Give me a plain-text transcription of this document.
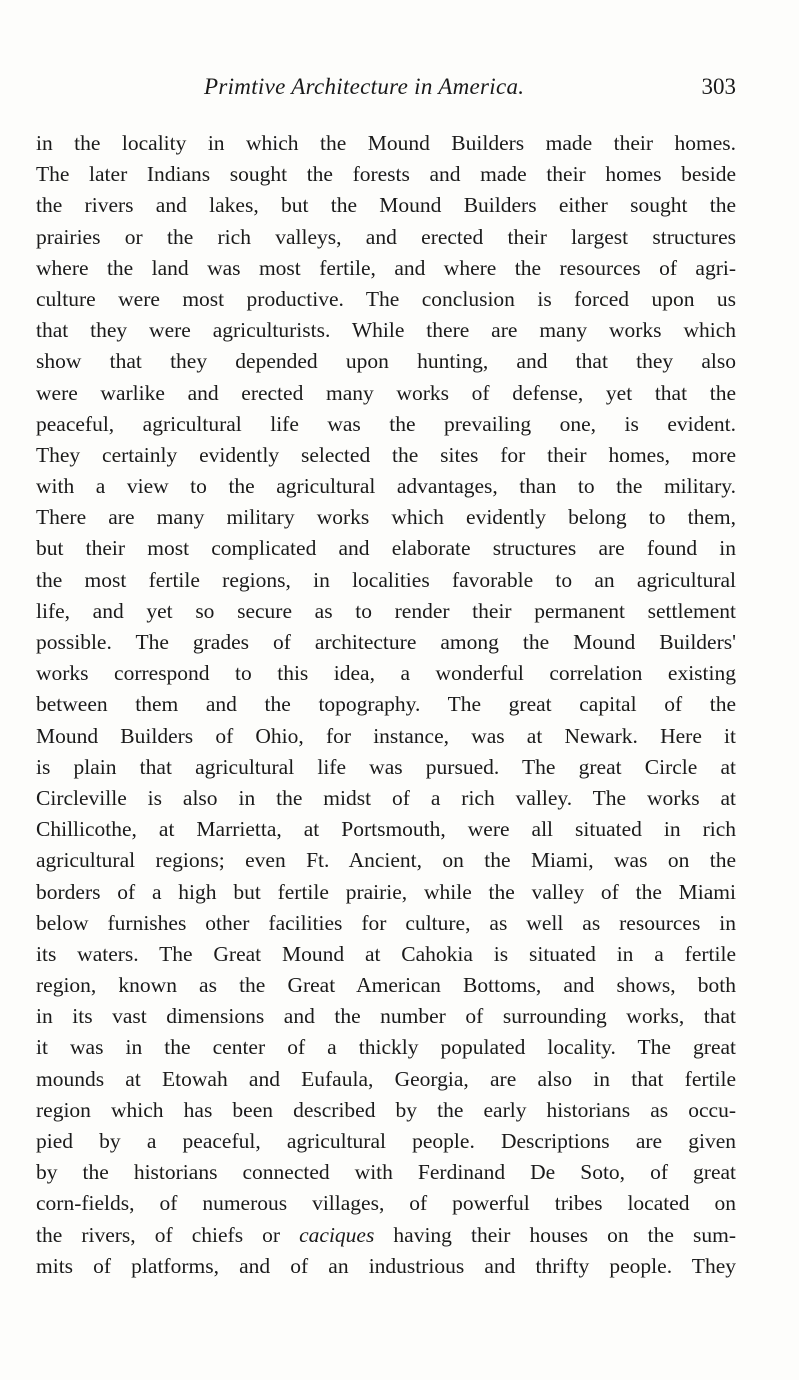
Primtive Architecture in America.	303
in the locality in which the Mound Builders made their homes.
The later Indians sought the forests and made their homes beside
the rivers and lakes, but the Mound Builders either sought the
prairies or the rich valleys, and erected their largest structures
where the land was most fertile, and where the resources of agri-
culture were most productive. The conclusion is forced upon us
that they were agriculturists. While there are many works which
show that they depended upon hunting, and that they also
were warlike and erected many works of defense, yet that the
peaceful, agricultural life was the prevailing one, is evident.
They certainly evidently selected the sites for their homes, more
with a view to the agricultural advantages, than to the military.
There are many military works which evidently belong to them,
but their most complicated and elaborate structures are found in
the most fertile regions, in localities favorable to an agricultural
life, and yet so secure as to render their permanent settlement
possible. The grades of architecture among the Mound Builders'
works correspond to this idea, a wonderful correlation existing
between them and the topography. The great capital of the
Mound Builders of Ohio, for instance, was at Newark. Here it
is plain that agricultural life was pursued. The great Circle at
Circleville is also in the midst of a rich valley. The works at
Chillicothe, at Marrietta, at Portsmouth, were all situated in rich
agricultural regions; even Ft. Ancient, on the Miami, was on the
borders of a high but fertile prairie, while the valley of the Miami
below furnishes other facilities for culture, as well as resources in
its waters. The Great Mound at Cahokia is situated in a fertile
region, known as the Great American Bottoms, and shows, both
in its vast dimensions and the number of surrounding works, that
it was in the center of a thickly populated locality. The great
mounds at Etowah and Eufaula, Georgia, are also in that fertile
region which has been described by the early historians as occu-
pied by a peaceful, agricultural people. Descriptions are given
by the historians connected with Ferdinand De Soto, of great
corn-fields, of numerous villages, of powerful tribes located on
the rivers, of chiefs or caciques having their houses on the sum-
mits of platforms, and of an industrious and thrifty people. They
